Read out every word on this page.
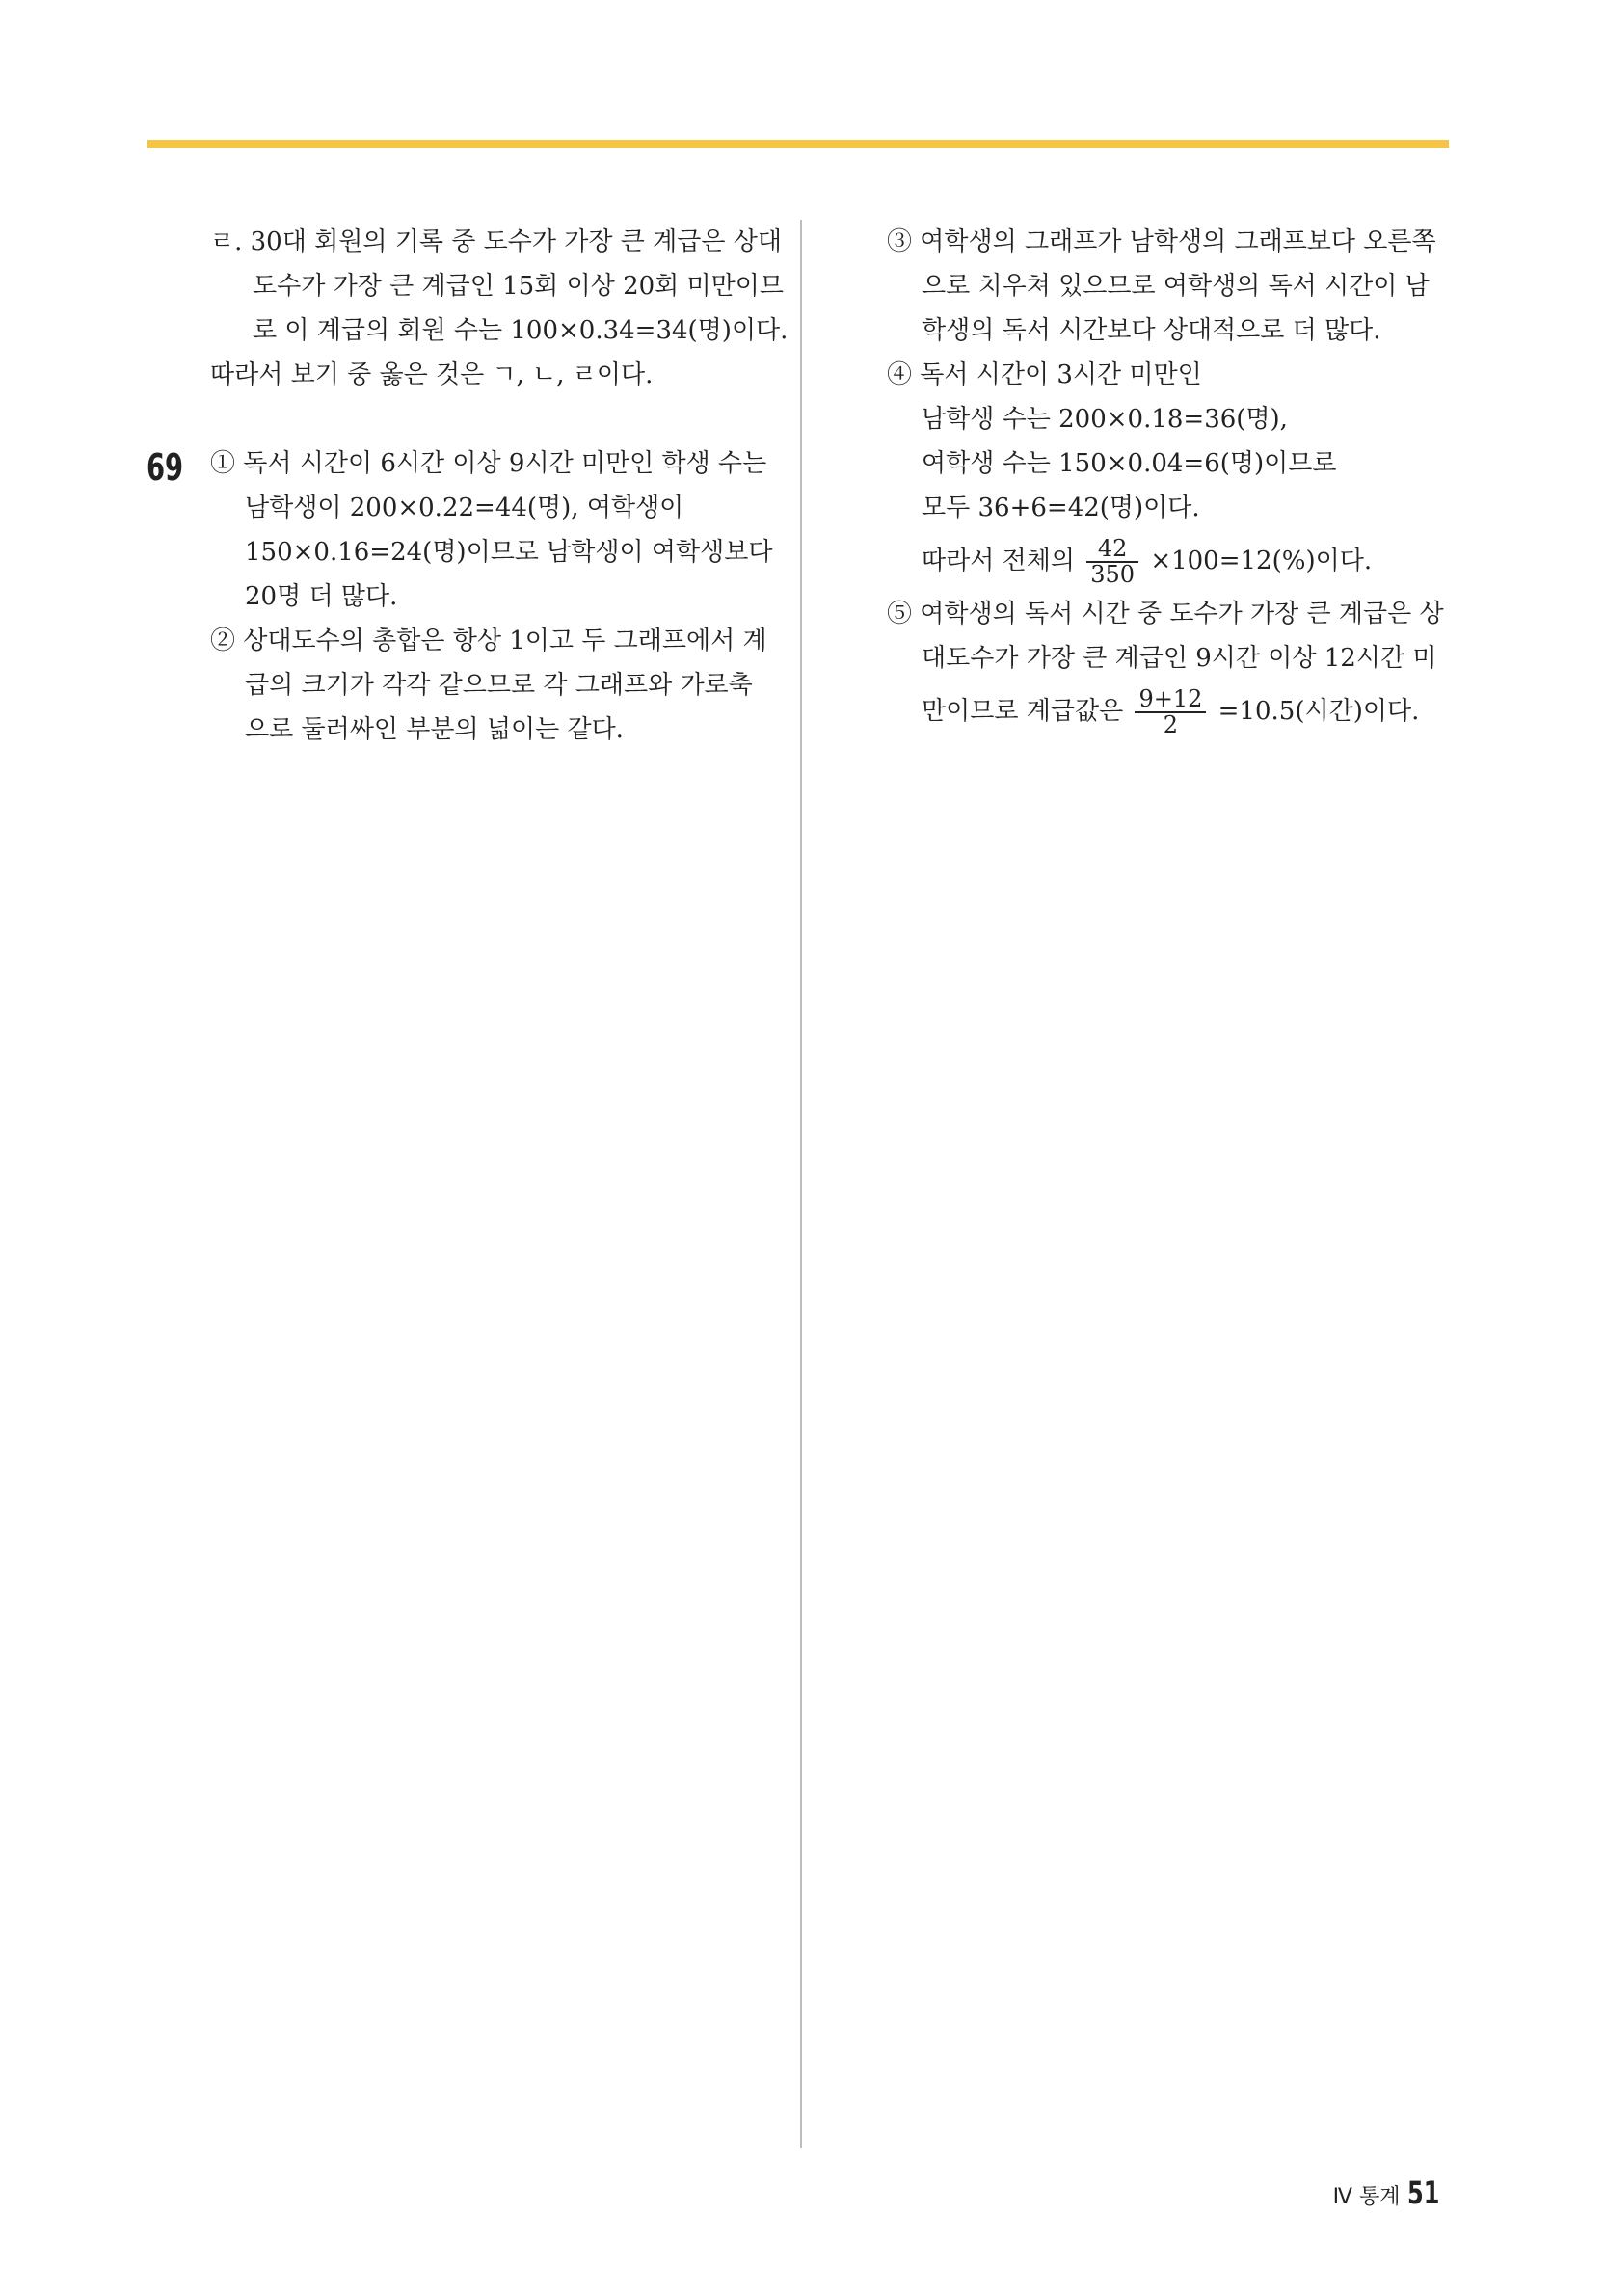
ㄹ. 30대 회원의 기록 중 도수가 가장 큰 계급은 상대
도수가 가장 큰 계급인 15회 이상 20회 미만이므
로 이 계급의 회원 수는 100×0.34=34(명)이다.
따라서 보기 중 옳은 것은 ㄱ, ㄴ, ㄹ이다.
① 독서 시간이 6시간 이상 9시간 미만인 학생 수는
남학생이 200×0.22=44(명), 여학생이
150×0.16=24(명)이므로 남학생이 여학생보다
20명 더 많다.
② 상대도수의 총합은 항상 1이고 두 그래프에서 계
급의 크기가 각각 같으므로 각 그래프와 가로축
으로 둘러싸인 부분의 넓이는 같다.
69
③ 여학생의 그래프가 남학생의 그래프보다 오른쪽
으로 치우쳐 있으므로 여학생의 독서 시간이 남
학생의 독서 시간보다 상대적으로 더 많다.
④ 독서 시간이 3시간 미만인
남학생 수는 200×0.18=36(명),
여학생 수는 150×0.04=6(명)이므로
모두 36+6=42(명)이다.
따라서 전체의 $\frac{42}{350} \times 100=12(\%)$이다.
⑤ 여학생의 독서 시간 중 도수가 가장 큰 계급은 상
대도수가 가장 큰 계급인 9시간 이상 12시간 미
만이므로 계급값은 $\frac{9+12}{2} =10.5$(시간)이다.
Ⅳ 통계 51
